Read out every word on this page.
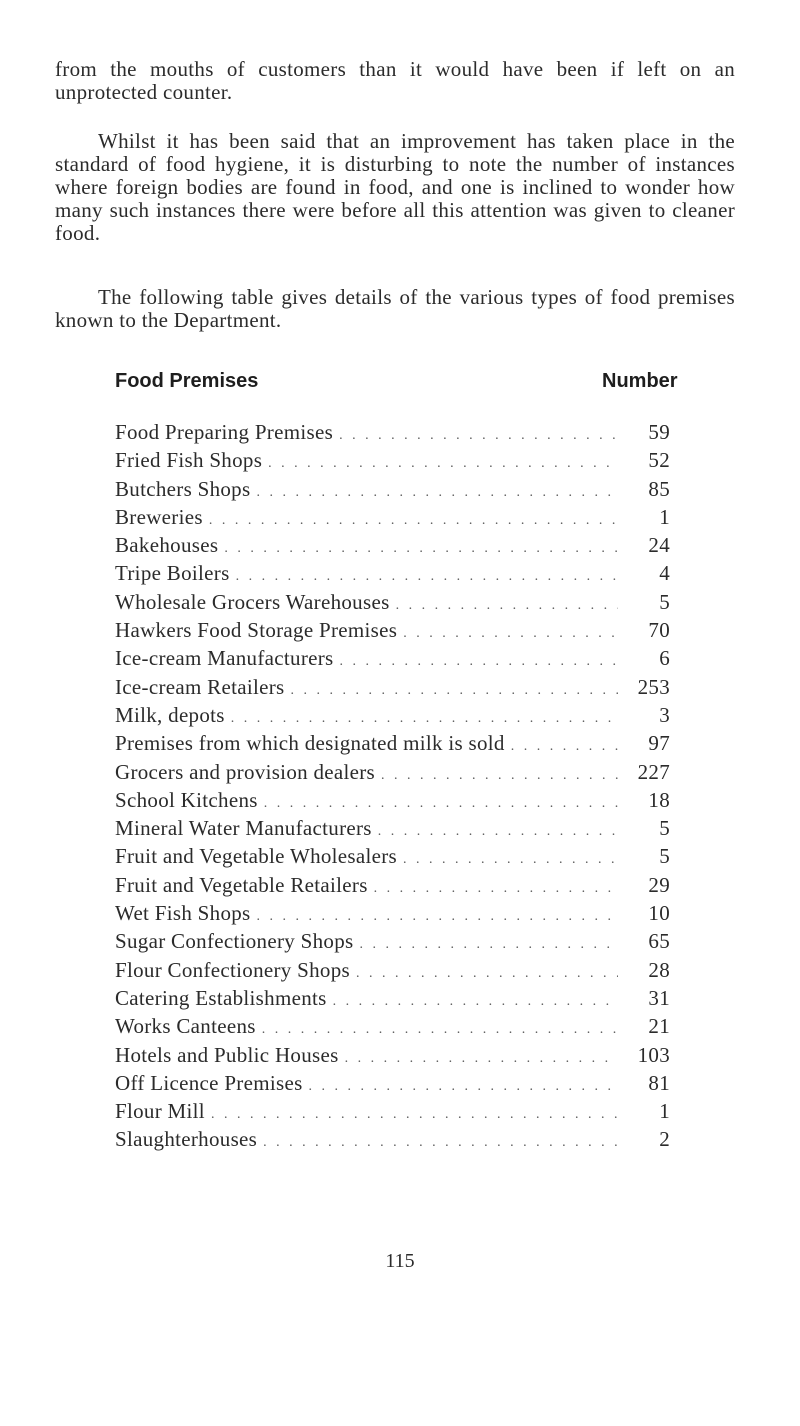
from the mouths of customers than it would have been if left on an unprotected counter.

Whilst it has been said that an improvement has taken place in the standard of food hygiene, it is disturbing to note the number of instances where foreign bodies are found in food, and one is inclined to wonder how many such instances there were before all this attention was given to cleaner food.

The following table gives details of the various types of food premises known to the Department.

Food Premises	Number
Food Preparing Premises . . .	59
Fried Fish Shops . . .	52
Butchers Shops . . .	85
Breweries . . .	1
Bakehouses . . .	24
Tripe Boilers . . .	4
Wholesale Grocers Warehouses . . .	5
Hawkers Food Storage Premises . . .	70
Ice-cream Manufacturers . . .	6
Ice-cream Retailers . . .	253
Milk, depots . . .	3
Premises from which designated milk is sold . . .	97
Grocers and provision dealers . . .	227
School Kitchens . . .	18
Mineral Water Manufacturers . . .	5
Fruit and Vegetable Wholesalers . . .	5
Fruit and Vegetable Retailers . . .	29
Wet Fish Shops . . .	10
Sugar Confectionery Shops . . .	65
Flour Confectionery Shops . . .	28
Catering Establishments . . .	31
Works Canteens . . .	21
Hotels and Public Houses . . .	103
Off Licence Premises . . .	81
Flour Mill . . .	1
Slaughterhouses . . .	2
115
